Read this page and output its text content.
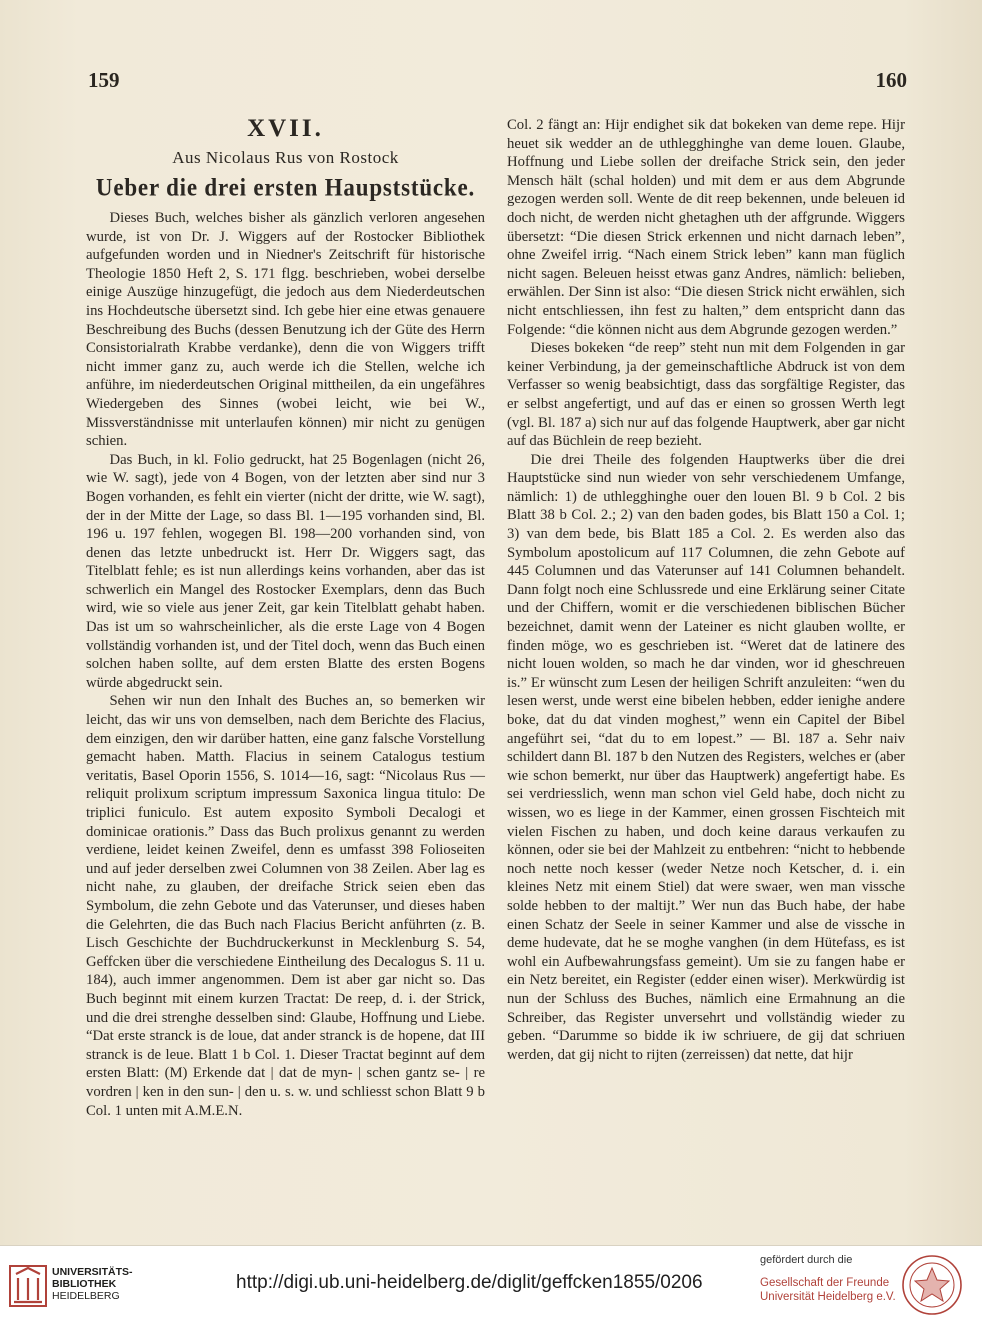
159	160
XVII.
Aus Nicolaus Rus von Rostock
Ueber die drei ersten Haupststücke.

Dieses Buch, welches bisher als gänzlich verloren angesehen wurde, ist von Dr. J. Wiggers auf der Rostocker Bibliothek aufgefunden worden und in Niedner's Zeitschrift für historische Theologie 1850 Heft 2, S. 171 flgg. beschrieben, wobei derselbe einige Auszüge hinzugefügt, die jedoch aus dem Niederdeutschen ins Hochdeutsche übersetzt sind. Ich gebe hier eine etwas genauere Beschreibung des Buchs (dessen Benutzung ich der Güte des Herrn Consistorialrath Krabbe verdanke), denn die von Wiggers trifft nicht immer ganz zu, auch werde ich die Stellen, welche ich anführe, im niederdeutschen Original mittheilen, da ein ungefähres Wiedergeben des Sinnes (wobei leicht, wie bei W., Missverständnisse mit unterlaufen können) mir nicht zu genügen schien.

Das Buch, in kl. Folio gedruckt, hat 25 Bogenlagen (nicht 26, wie W. sagt), jede von 4 Bogen, von der letzten aber sind nur 3 Bogen vorhanden, es fehlt ein vierter (nicht der dritte, wie W. sagt), der in der Mitte der Lage, so dass Bl. 1—195 vorhanden sind, Bl. 196 u. 197 fehlen, wogegen Bl. 198—200 vorhanden sind, von denen das letzte unbedruckt ist. Herr Dr. Wiggers sagt, das Titelblatt fehle; es ist nun allerdings keins vorhanden, aber das ist schwerlich ein Mangel des Rostocker Exemplars, denn das Buch wird, wie so viele aus jener Zeit, gar kein Titelblatt gehabt haben. Das ist um so wahrscheinlicher, als die erste Lage von 4 Bogen vollständig vorhanden ist, und der Titel doch, wenn das Buch einen solchen haben sollte, auf dem ersten Blatte des ersten Bogens würde abgedruckt sein.

Sehen wir nun den Inhalt des Buches an, so bemerken wir leicht, das wir uns von demselben, nach dem Berichte des Flacius, dem einzigen, den wir darüber hatten, eine ganz falsche Vorstellung gemacht haben. Matth. Flacius in seinem Catalogus testium veritatis, Basel Oporin 1556, S. 1014—16, sagt: “Nicolaus Rus — reliquit prolixum scriptum impressum Saxonica lingua titulo: De triplici funiculo. Est autem exposito Symboli Decalogi et dominicae orationis.” Dass das Buch prolixus genannt zu werden verdiene, leidet keinen Zweifel, denn es umfasst 398 Folioseiten und auf jeder derselben zwei Columnen von 38 Zeilen. Aber lag es nicht nahe, zu glauben, der dreifache Strick seien eben das Symbolum, die zehn Gebote und das Vaterunser, und dieses haben die Gelehrten, die das Buch nach Flacius Bericht anführten (z. B. Lisch Geschichte der Buchdruckerkunst in Mecklenburg S. 54, Geffcken über die verschiedene Eintheilung des Decalogus S. 11 u. 184), auch immer angenommen. Dem ist aber gar nicht so. Das Buch beginnt mit einem kurzen Tractat: De reep, d. i. der Strick, und die drei strenghe desselben sind: Glaube, Hoffnung und Liebe. “Dat erste stranck is de loue, dat ander stranck is de hopene, dat III stranck is de leue. Blatt 1 b Col. 1. Dieser Tractat beginnt auf dem ersten Blatt: (M) Erkende dat | dat de myn- | schen gantz se- | re vordren | ken in den sun- | den u. s. w. und schliesst schon Blatt 9 b Col. 1 unten mit A.M.E.N.

Col. 2 fängt an: Hijr endighet sik dat bokeken van deme repe. Hijr heuet sik wedder an de uthlegghinghe van deme louen. Glaube, Hoffnung und Liebe sollen der dreifache Strick sein, den jeder Mensch hält (schal holden) und mit dem er aus dem Abgrunde gezogen werden soll. Wente de dit reep bekennen, unde beleuen id doch nicht, de werden nicht ghetaghen uth der affgrunde. Wiggers übersetzt: “Die diesen Strick erkennen und nicht darnach leben”, ohne Zweifel irrig. “Nach einem Strick leben” kann man füglich nicht sagen. Beleuen heisst etwas ganz Andres, nämlich: belieben, erwählen. Der Sinn ist also: “Die diesen Strick nicht erwählen, sich nicht entschliessen, ihn fest zu halten,” dem entspricht dann das Folgende: “die können nicht aus dem Abgrunde gezogen werden.”

Dieses bokeken “de reep” steht nun mit dem Folgenden in gar keiner Verbindung, ja der gemeinschaftliche Abdruck ist von dem Verfasser so wenig beabsichtigt, dass das sorgfältige Register, das er selbst angefertigt, und auf das er einen so grossen Werth legt (vgl. Bl. 187 a) sich nur auf das folgende Hauptwerk, aber gar nicht auf das Büchlein de reep bezieht.

Die drei Theile des folgenden Hauptwerks über die drei Hauptstücke sind nun wieder von sehr verschiedenem Umfange, nämlich: 1) de uthlegghinghe ouer den louen Bl. 9 b Col. 2 bis Blatt 38 b Col. 2.; 2) van den baden godes, bis Blatt 150 a Col. 1; 3) van dem bede, bis Blatt 185 a Col. 2. Es werden also das Symbolum apostolicum auf 117 Columnen, die zehn Gebote auf 445 Columnen und das Vaterunser auf 141 Columnen behandelt. Dann folgt noch eine Schlussrede und eine Erklärung seiner Citate und der Chiffern, womit er die verschiedenen biblischen Bücher bezeichnet, damit wenn der Lateiner es nicht glauben wollte, er finden möge, wo es geschrieben ist. “Weret dat de latinere des nicht louen wolden, so mach he dar vinden, wor id gheschreuen is.” Er wünscht zum Lesen der heiligen Schrift anzuleiten: “wen du lesen werst, unde werst eine bibelen hebben, edder ienighe andere boke, dat du dat vinden moghest,” wenn ein Capitel der Bibel angeführt sei, “dat du to em lopest.” — Bl. 187 a. Sehr naiv schildert dann Bl. 187 b den Nutzen des Registers, welches er (aber wie schon bemerkt, nur über das Hauptwerk) angefertigt habe. Es sei verdriesslich, wenn man schon viel Geld habe, doch nicht zu wissen, wo es liege in der Kammer, einen grossen Fischteich mit vielen Fischen zu haben, und doch keine daraus verkaufen zu können, oder sie bei der Mahlzeit zu entbehren: “nicht to hebbende noch nette noch kesser (weder Netze noch Ketscher, d. i. ein kleines Netz mit einem Stiel) dat were swaer, wen man vissche solde hebben to der maltijt.” Wer nun das Buch habe, der habe einen Schatz der Seele in seiner Kammer und alse de vissche in deme hudevate, dat he se moghe vanghen (in dem Hütefass, es ist wohl ein Aufbewahrungsfass gemeint). Um sie zu fangen habe er ein Netz bereitet, ein Register (edder einen wiser). Merkwürdig ist nun der Schluss des Buches, nämlich eine Ermahnung an die Schreiber, das Register unversehrt und vollständig wieder zu geben. “Darumme so bidde ik iw schriuere, de gij dat schriuen werden, dat gij nicht to rijten (zerreissen) dat nette, dat hijr

UNIVERSITÄTS-
BIBLIOTHEK
HEIDELBERG
http://digi.ub.uni-heidelberg.de/diglit/geffcken1855/0206
gefördert durch die
Gesellschaft der Freunde
Universität Heidelberg e.V.
